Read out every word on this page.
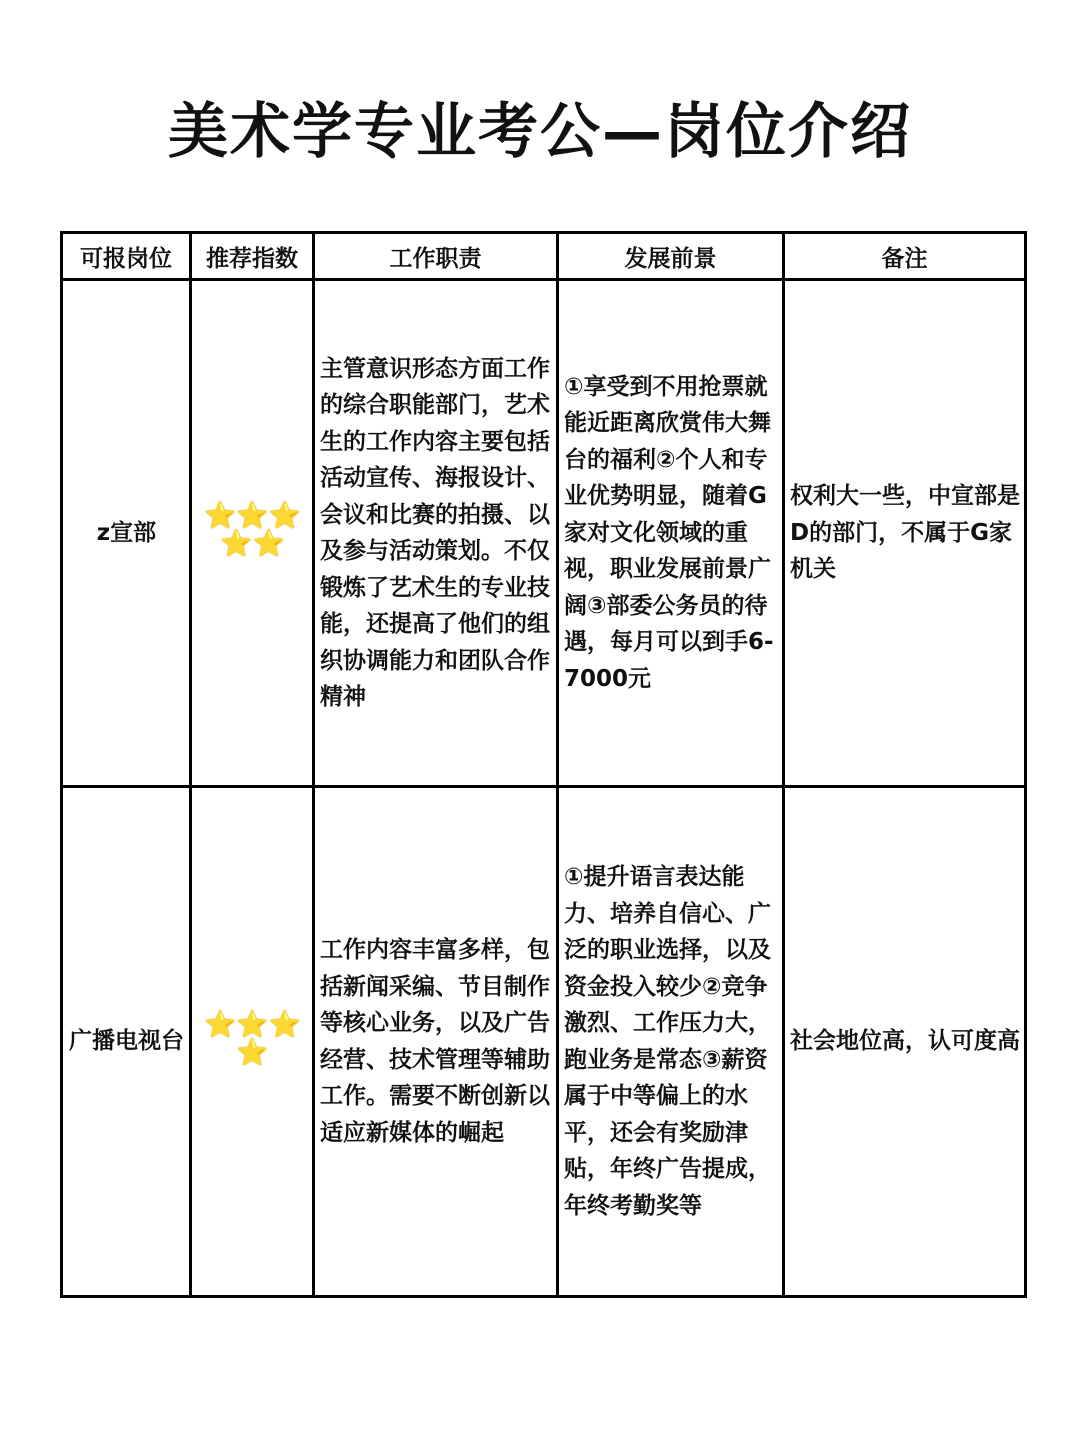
美术学专业考公—岗位介绍
可报岗位	推荐指数	工作职责	发展前景	备注
z宣部	⭐⭐⭐⭐⭐	主管意识形态方面工作的综合职能部门，艺术生的工作内容主要包括活动宣传、海报设计、会议和比赛的拍摄、以及参与活动策划。不仅锻炼了艺术生的专业技能，还提高了他们的组织协调能力和团队合作精神	①享受到不用抢票就能近距离欣赏伟大舞台的福利②个人和专业优势明显，随着G 家对文化领域的重视，职业发展前景广阔③部委公务员的待遇，每月可以到手6-7000元	权利大一些，中宣部是D的部门，不属于G家机关
广播电视台	⭐⭐⭐⭐	工作内容丰富多样，包括新闻采编、节目制作等核心业务，以及广告经营、技术管理等辅助工作。需要不断创新以适应新媒体的崛起	①提升语言表达能力、培养自信心、广泛的职业选择，以及资金投入较少②竞争激烈、工作压力大，跑业务是常态③薪资属于中等偏上的水平，还会有奖励津贴，年终广告提成，年终考勤奖等	社会地位高，认可度高
